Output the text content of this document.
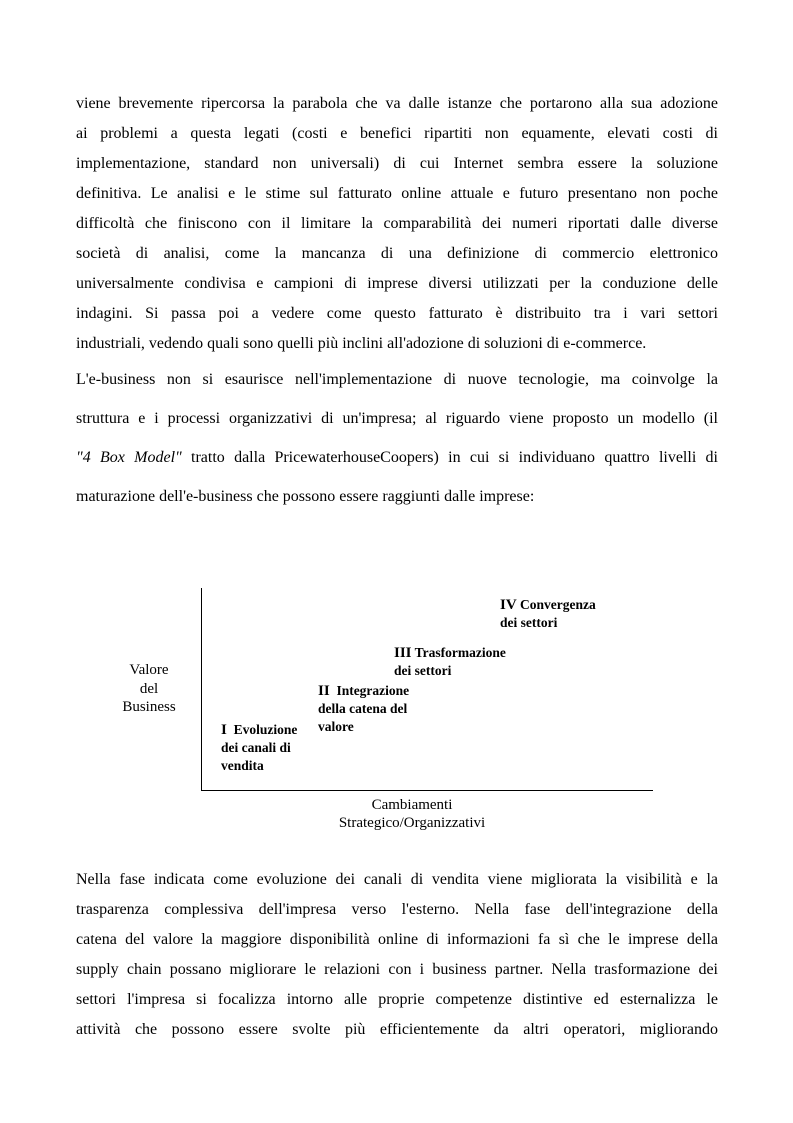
viene brevemente ripercorsa la parabola che va dalle istanze che portarono alla sua adozione
ai problemi a questa legati (costi e benefici ripartiti non equamente, elevati costi di
implementazione, standard non universali) di cui Internet sembra essere la soluzione
definitiva. Le analisi e le stime sul fatturato online attuale e futuro presentano non poche
difficoltà che finiscono con il limitare la comparabilità dei numeri riportati dalle diverse
società di analisi, come la mancanza di una definizione di commercio elettronico
universalmente condivisa e campioni di imprese diversi utilizzati per la conduzione delle
indagini. Si passa poi a vedere come questo fatturato è distribuito tra i vari settori
industriali, vedendo quali sono quelli più inclini all'adozione di soluzioni di e-commerce.
L'e-business non si esaurisce nell'implementazione di nuove tecnologie, ma coinvolge la
struttura e i processi organizzativi di un'impresa; al riguardo viene proposto un modello (il
"4 Box Model" tratto dalla PricewaterhouseCoopers) in cui si individuano quattro livelli di
maturazione dell'e-business che possono essere raggiunti dalle imprese:
Valore
del
Business
Cambiamenti
Strategico/Organizzativi
I Evoluzione
dei canali di
vendita
II Integrazione
della catena del
valore
III Trasformazione
dei settori
IV Convergenza
dei settori
Nella fase indicata come evoluzione dei canali di vendita viene migliorata la visibilità e la
trasparenza complessiva dell'impresa verso l'esterno. Nella fase dell'integrazione della
catena del valore la maggiore disponibilità online di informazioni fa sì che le imprese della
supply chain possano migliorare le relazioni con i business partner. Nella trasformazione dei
settori l'impresa si focalizza intorno alle proprie competenze distintive ed esternalizza le
attività che possono essere svolte più efficientemente da altri operatori, migliorando
